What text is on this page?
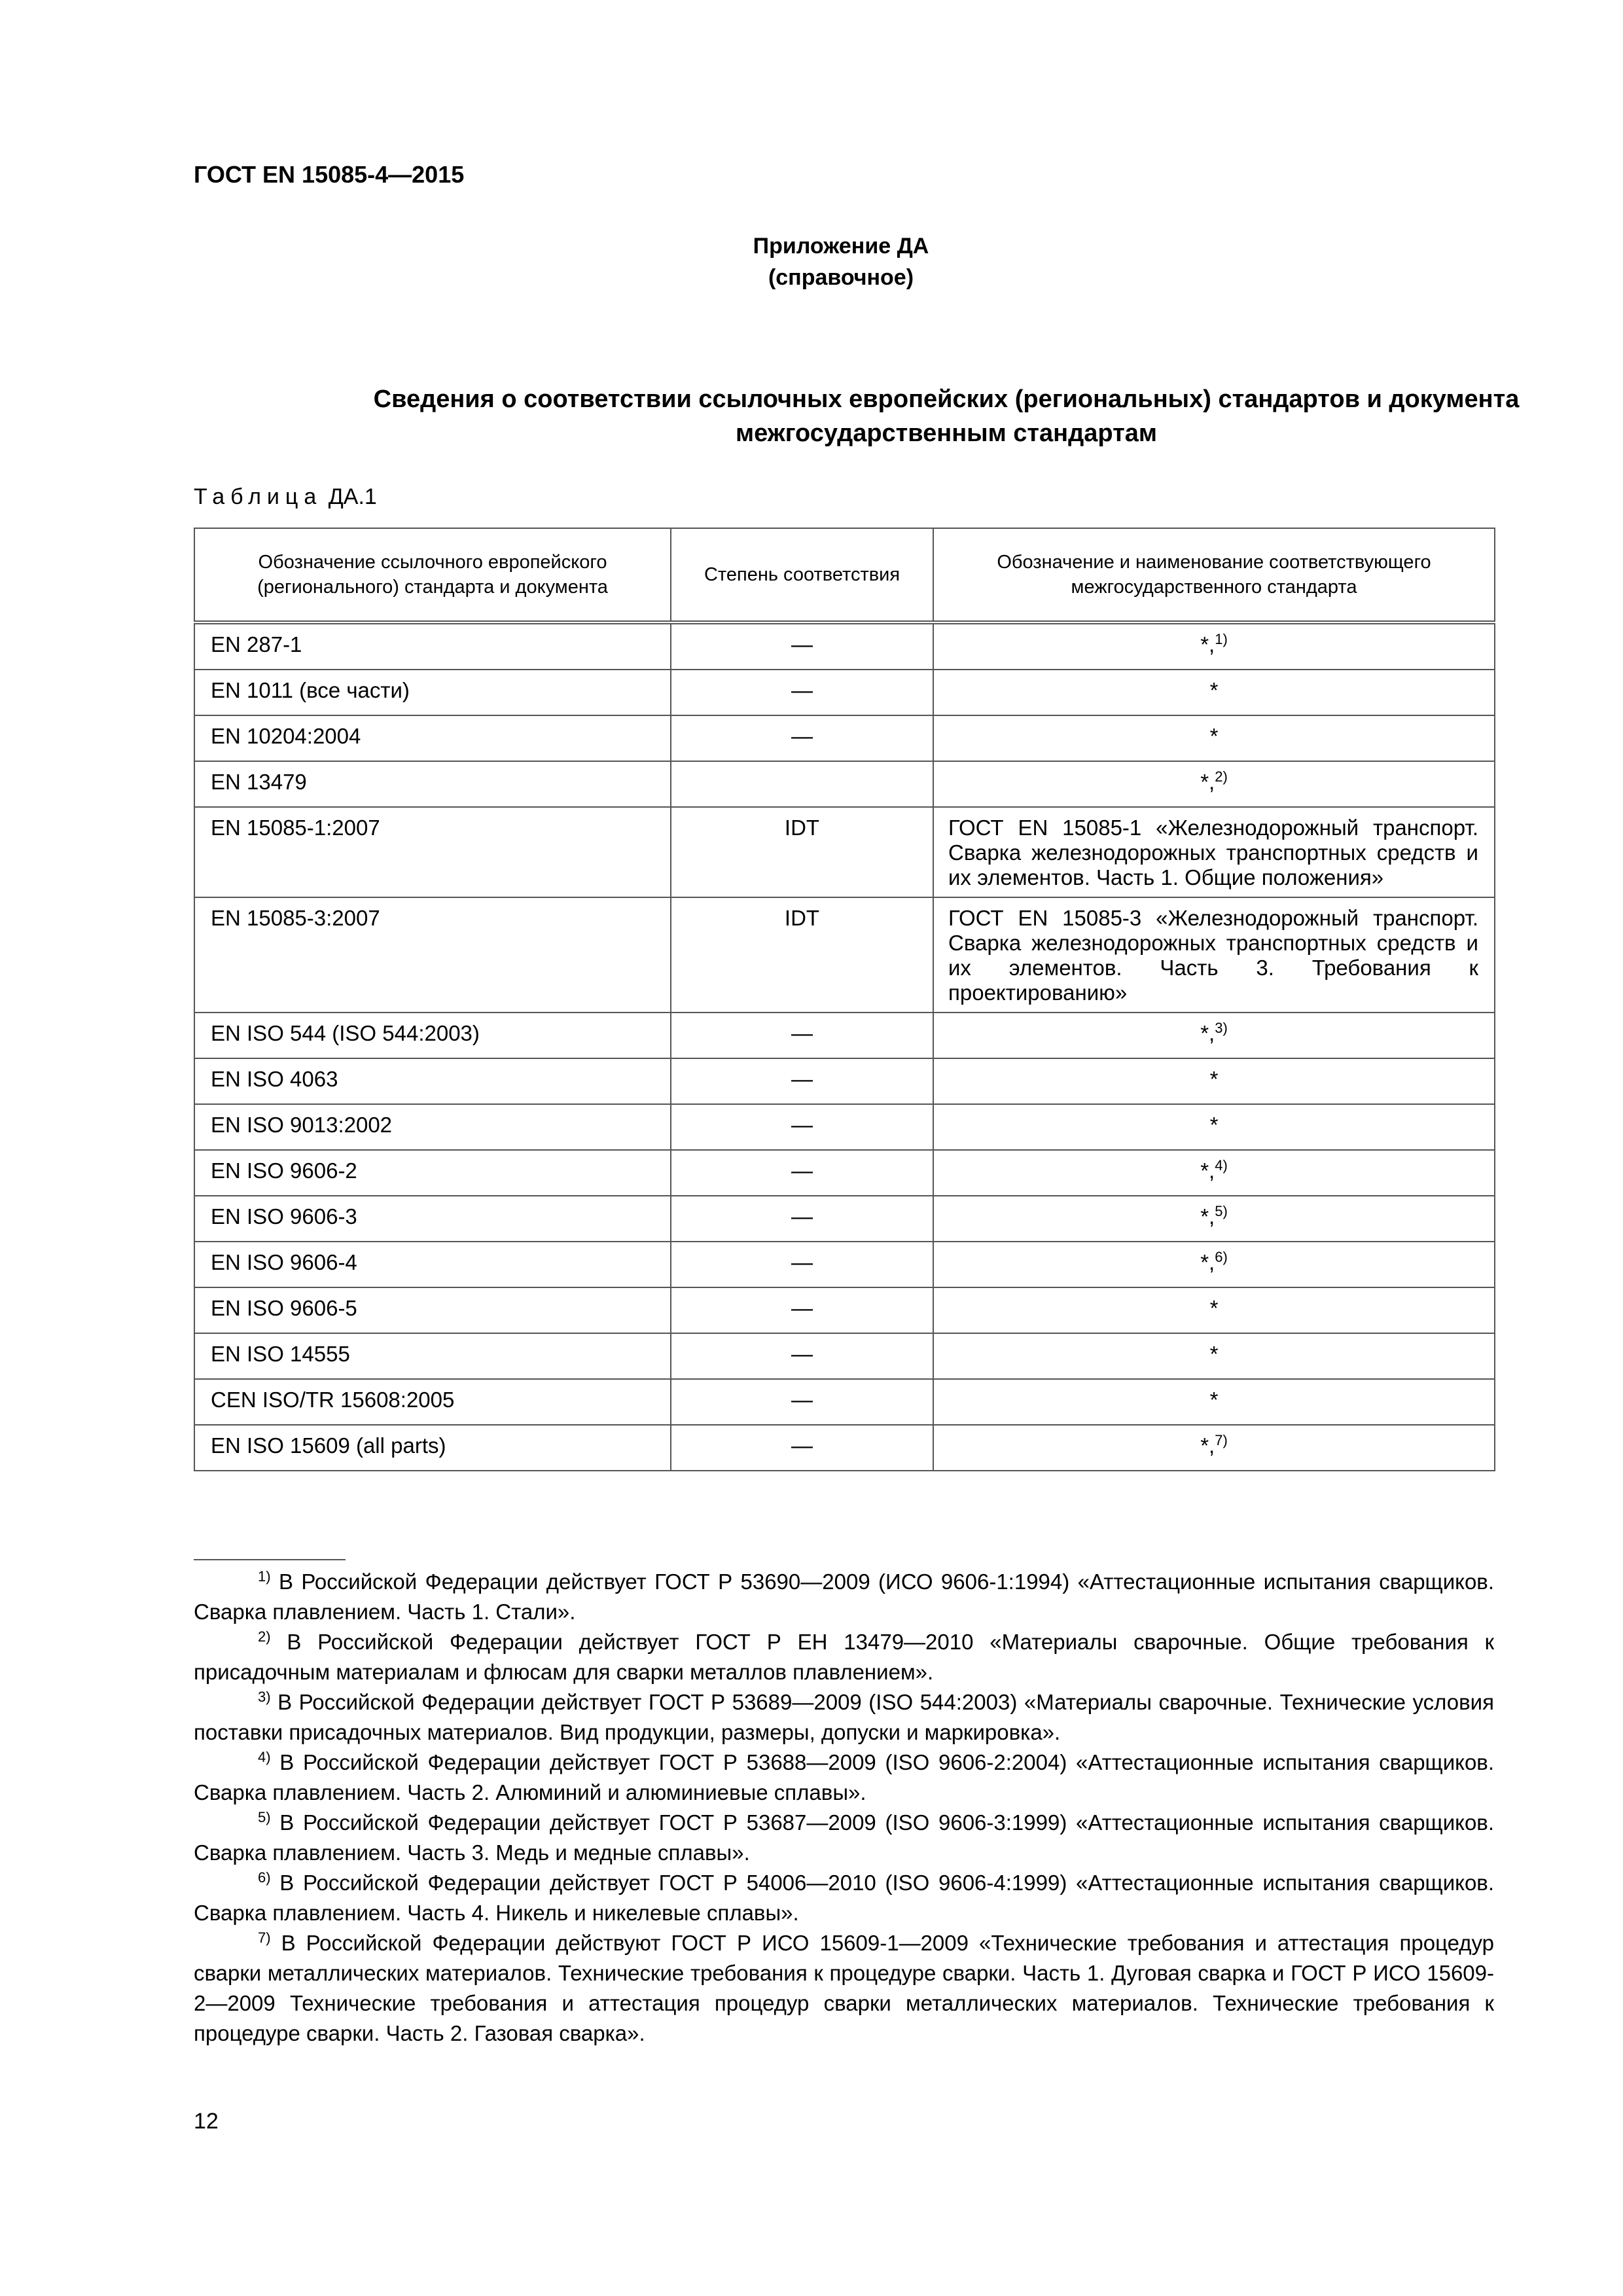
ГОСТ EN 15085-4—2015
Приложение ДА
(справочное)
Сведения о соответствии ссылочных европейских (региональных) стандартов и документа
межгосударственным стандартам
Таблица ДА.1
Обозначение ссылочного европейского (регионального) стандарта и документа	Степень соответствия	Обозначение и наименование соответствующего межгосударственного стандарта
EN 287-1	—	*,$^{1)}$
EN 1011 (все части)	—	*
EN 10204:2004	—	*
EN 13479		*,$^{2)}$
EN 15085-1:2007	IDT	ГОСТ EN 15085-1 «Железнодорожный транспорт. Сварка железнодорожных транспортных средств и их элементов. Часть 1. Общие положения»
EN 15085-3:2007	IDT	ГОСТ EN 15085-3 «Железнодорожный транспорт. Сварка железнодорожных транспортных средств и их элементов. Часть 3. Требования к проектированию»
EN ISO 544 (ISO 544:2003)	—	*,$^{3)}$
EN ISO 4063	—	*
EN ISO 9013:2002	—	*
EN ISO 9606-2	—	*,$^{4)}$
EN ISO 9606-3	—	*,$^{5)}$
EN ISO 9606-4	—	*,$^{6)}$
EN ISO 9606-5	—	*
EN ISO 14555	—	*
CEN ISO/TR 15608:2005	—	*
EN ISO 15609 (all parts)	—	*,$^{7)}$

$^{1)}$ В Российской Федерации действует ГОСТ Р 53690—2009 (ИСО 9606-1:1994) «Аттестационные испытания сварщиков. Сварка плавлением. Часть 1. Стали».

$^{2)}$ В Российской Федерации действует ГОСТ Р ЕН 13479—2010 «Материалы сварочные. Общие требования к присадочным материалам и флюсам для сварки металлов плавлением».

$^{3)}$ В Российской Федерации действует ГОСТ Р 53689—2009 (ISO 544:2003) «Материалы сварочные. Технические условия поставки присадочных материалов. Вид продукции, размеры, допуски и маркировка».

$^{4)}$ В Российской Федерации действует ГОСТ Р 53688—2009 (ISO 9606-2:2004) «Аттестационные испытания сварщиков. Сварка плавлением. Часть 2. Алюминий и алюминиевые сплавы».

$^{5)}$ В Российской Федерации действует ГОСТ Р 53687—2009 (ISO 9606-3:1999) «Аттестационные испытания сварщиков. Сварка плавлением. Часть 3. Медь и медные сплавы».

$^{6)}$ В Российской Федерации действует ГОСТ Р 54006—2010 (ISO 9606-4:1999) «Аттестационные испытания сварщиков. Сварка плавлением. Часть 4. Никель и никелевые сплавы».

$^{7)}$ В Российской Федерации действуют ГОСТ Р ИСО 15609-1—2009 «Технические требования и аттестация процедур сварки металлических материалов. Технические требования к процедуре сварки. Часть 1. Дуговая сварка и ГОСТ Р ИСО 15609-2—2009 Технические требования и аттестация процедур сварки металлических материалов. Технические требования к процедуре сварки. Часть 2. Газовая сварка».

12
